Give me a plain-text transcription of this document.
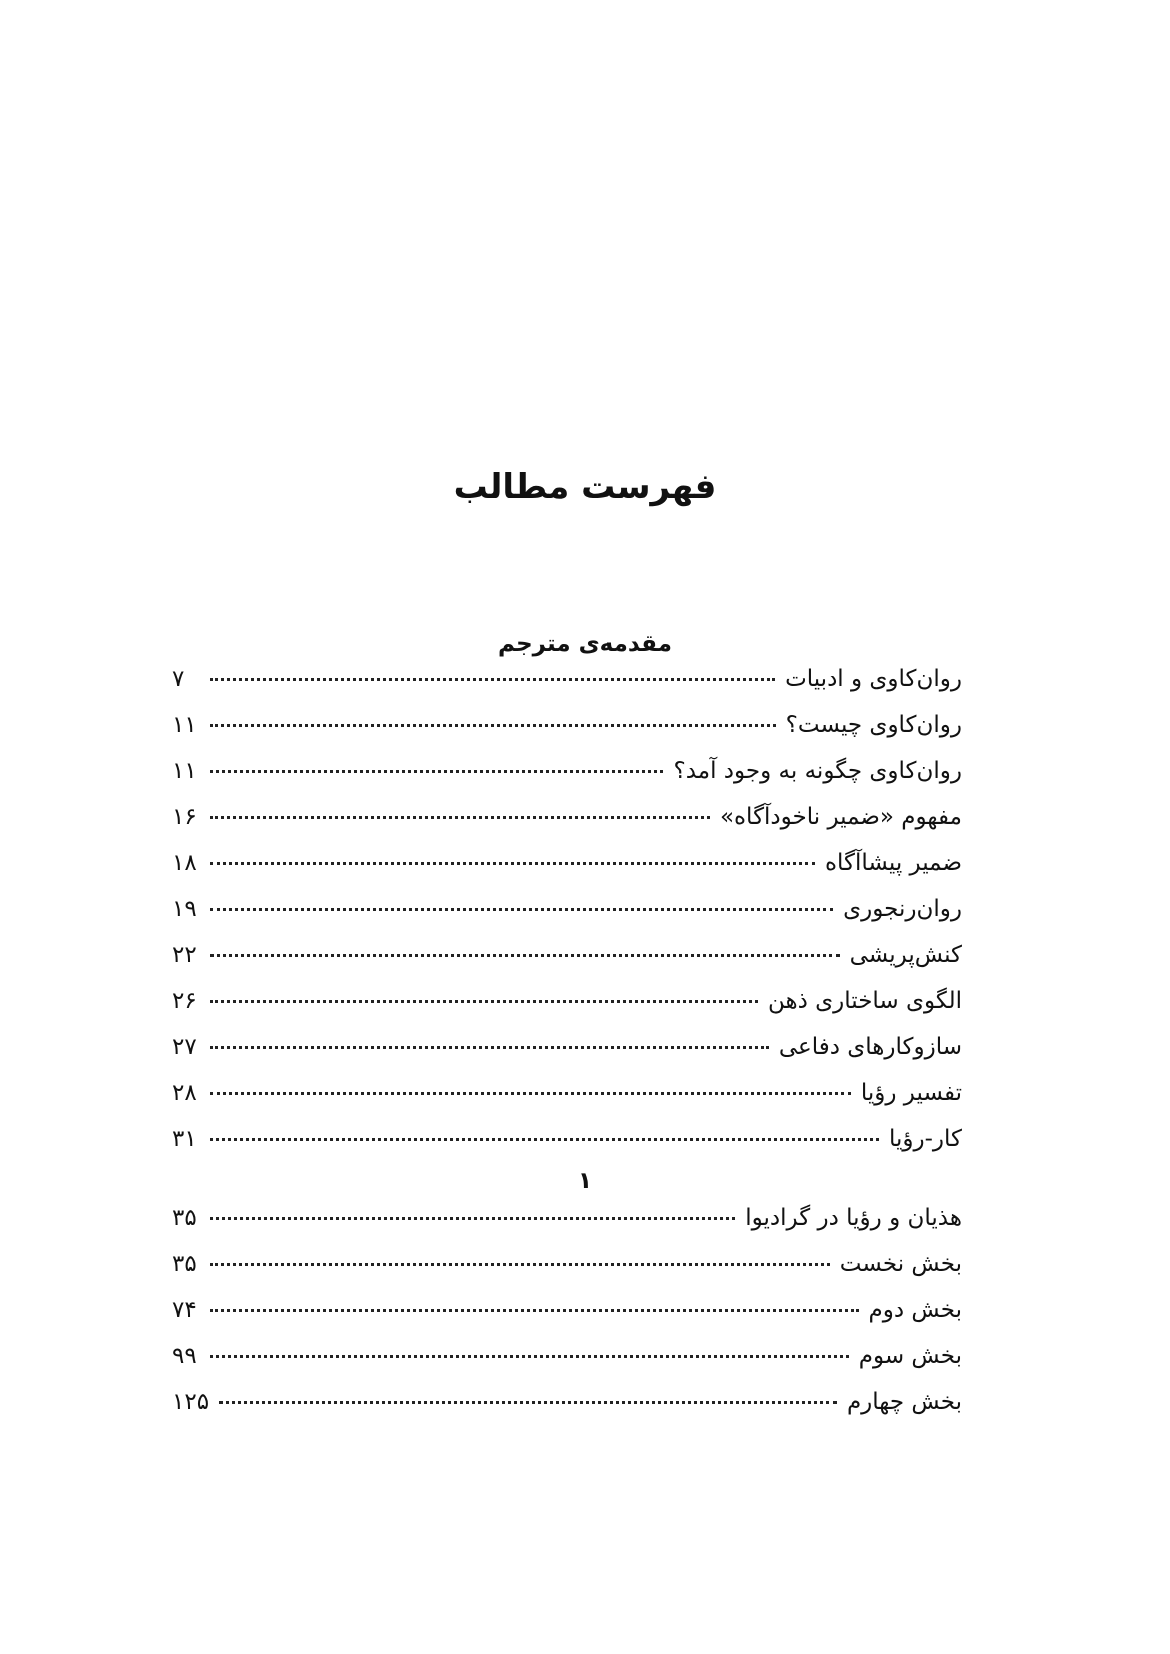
فهرست مطالب
مقدمه‌ی مترجم
۷	روان‌کاوی و ادبیات
۱۱	روان‌کاوی چیست؟
۱۱	روان‌کاوی چگونه به وجود آمد؟
۱۶	مفهوم «ضمیر ناخودآگاه»
۱۸	ضمیر پیشاآگاه
۱۹	روان‌رنجوری
۲۲	کنش‌پریشی
۲۶	الگوی ساختاری ذهن
۲۷	سازوکارهای دفاعی
۲۸	تفسیر رؤیا
۳۱	کار-رؤیا
۱
۳۵	هذیان و رؤیا در گرادیوا
۳۵	بخش نخست
۷۴	بخش دوم
۹۹	بخش سوم
۱۲۵	بخش چهارم
